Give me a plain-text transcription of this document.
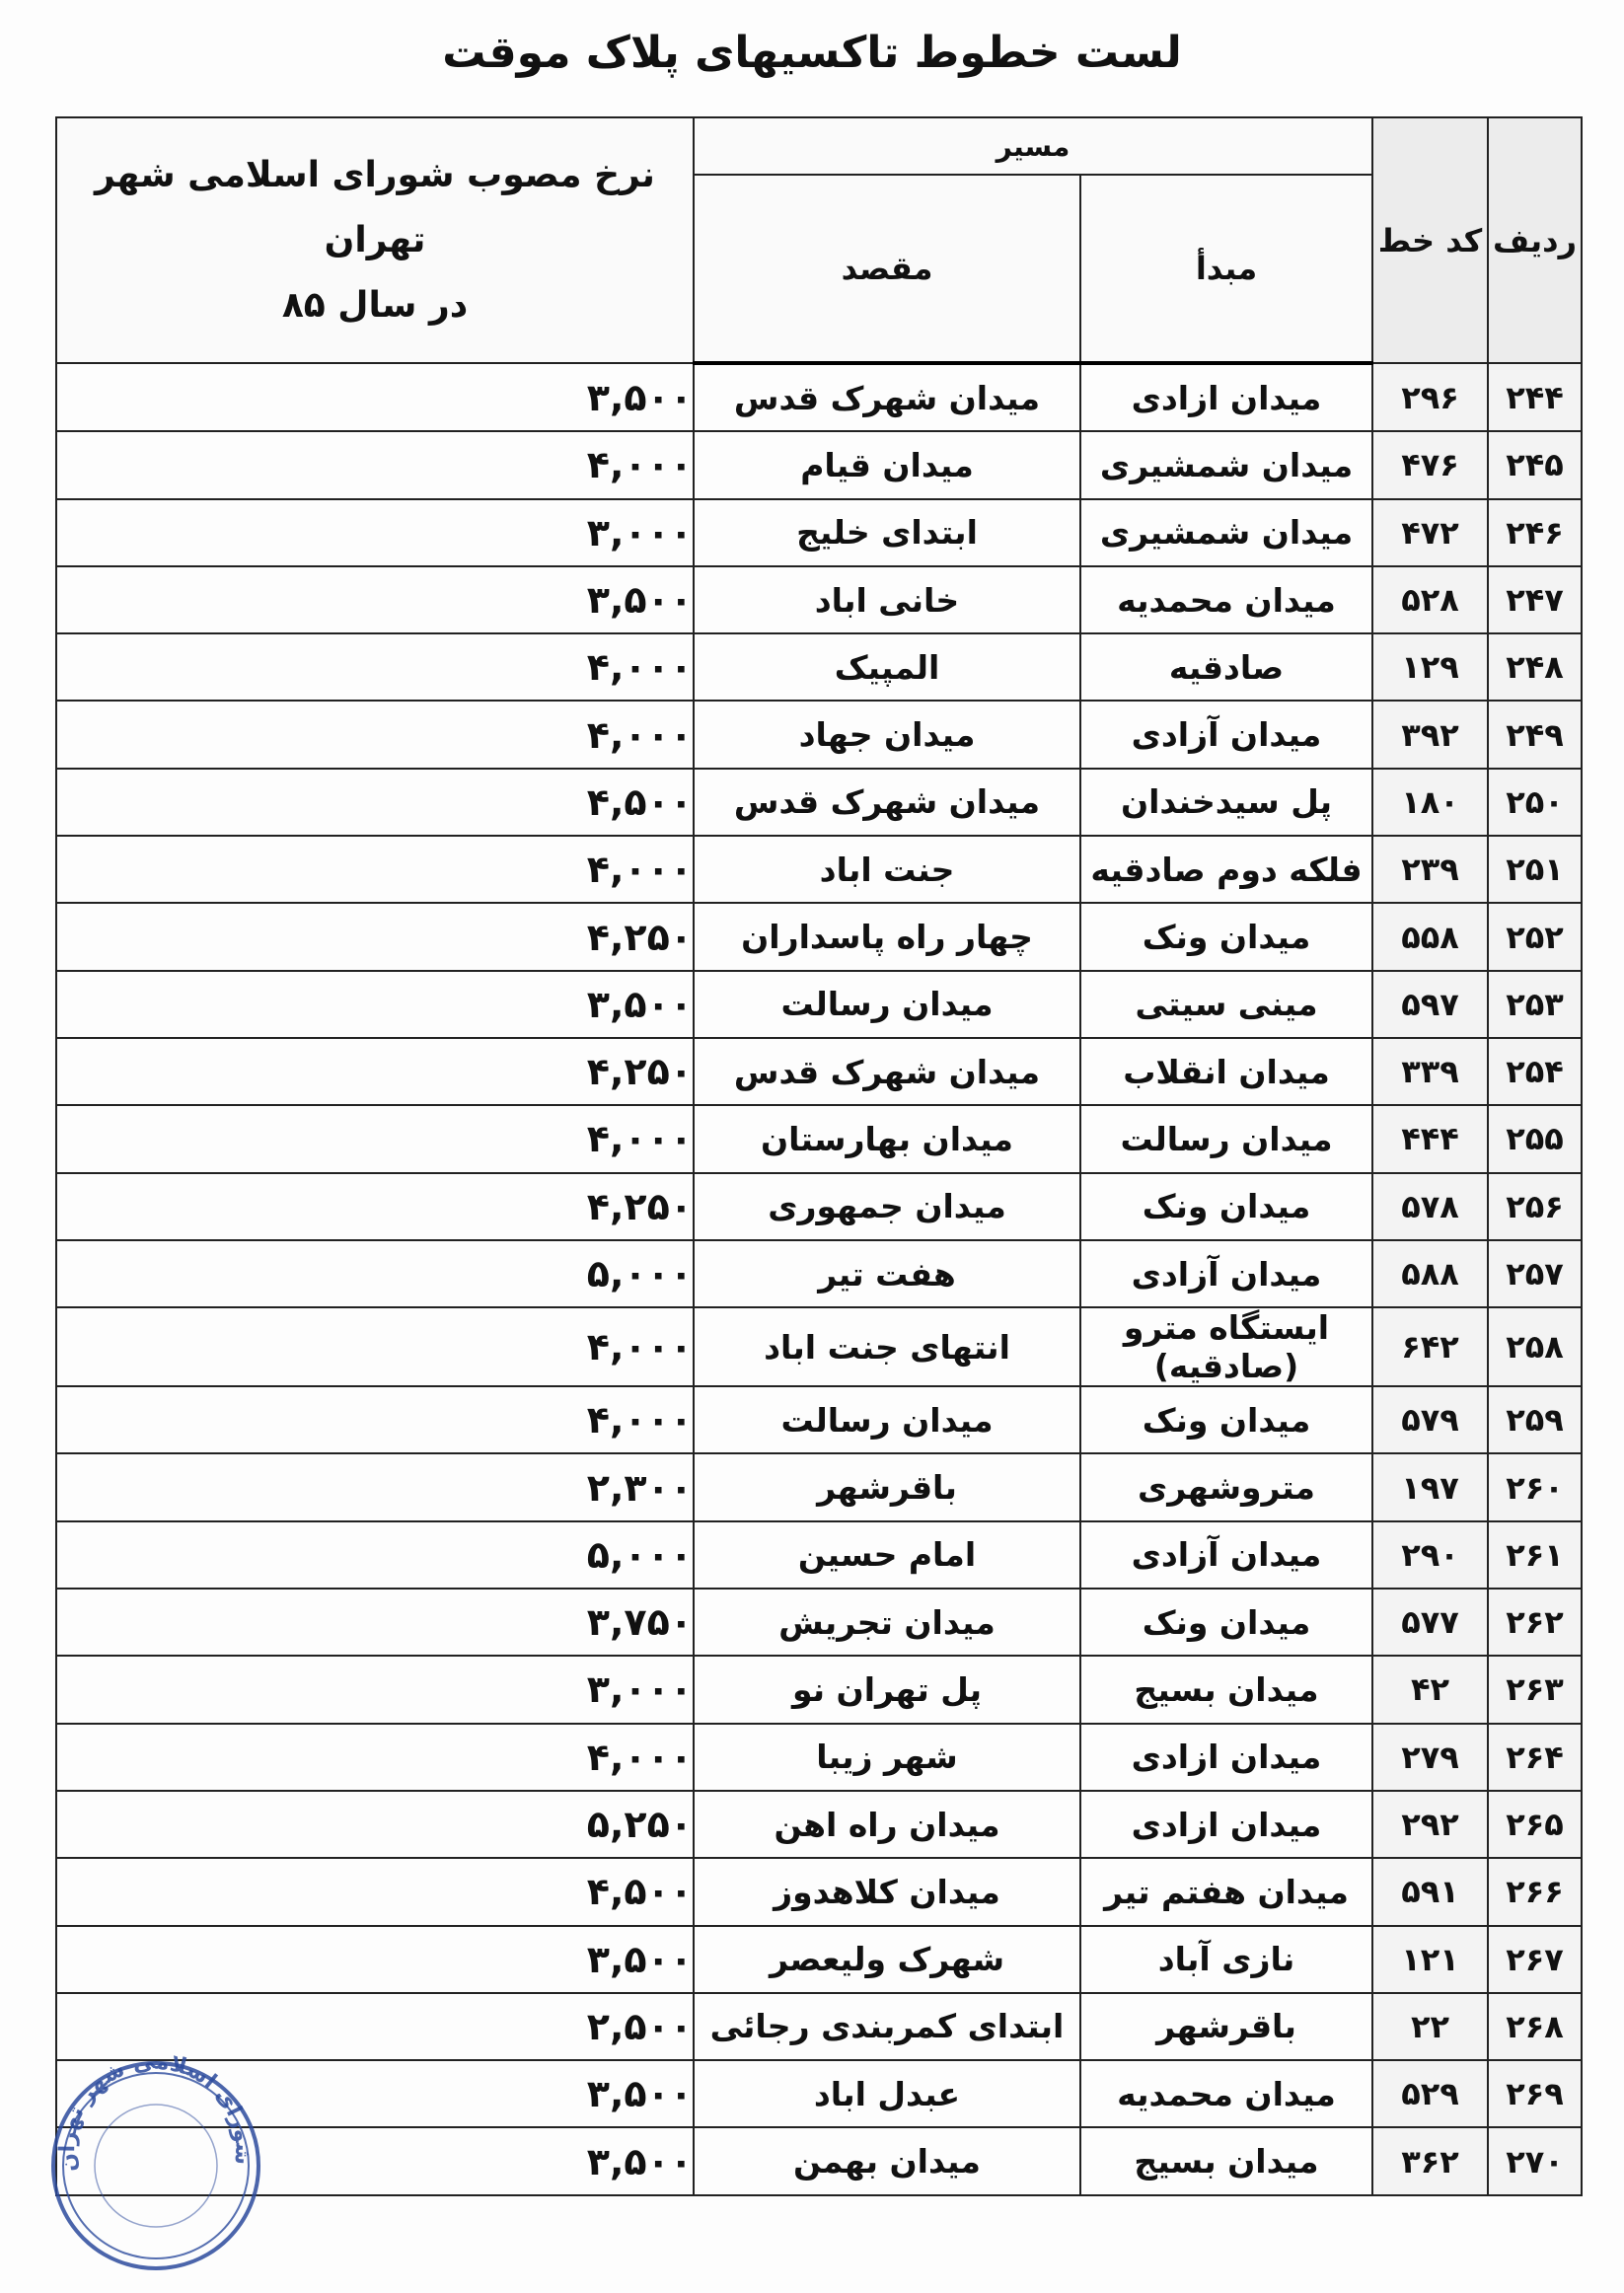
لست خطوط تاکسیهای پلاک موقت
ردیف	کد خط	مسیر		نرخ مصوب شورای اسلامی شهر تهران
در سال ۸۵

		مبدأ	مقصد	
۲۴۴	۲۹۶	میدان ازادی	میدان شهرک قدس	۳,۵۰۰
۲۴۵	۴۷۶	میدان شمشیری	میدان قیام	۴,۰۰۰
۲۴۶	۴۷۲	میدان شمشیری	ابتدای خلیج	۳,۰۰۰
۲۴۷	۵۲۸	میدان محمدیه	خانی اباد	۳,۵۰۰
۲۴۸	۱۲۹	صادقیه	المپیک	۴,۰۰۰
۲۴۹	۳۹۲	میدان آزادی	میدان جهاد	۴,۰۰۰
۲۵۰	۱۸۰	پل سیدخندان	میدان شهرک قدس	۴,۵۰۰
۲۵۱	۲۳۹	فلکه دوم صادقیه	جنت اباد	۴,۰۰۰
۲۵۲	۵۵۸	میدان ونک	چهار راه پاسداران	۴,۲۵۰
۲۵۳	۵۹۷	مینی سیتی	میدان رسالت	۳,۵۰۰
۲۵۴	۳۳۹	میدان انقلاب	میدان شهرک قدس	۴,۲۵۰
۲۵۵	۴۴۴	میدان رسالت	میدان بهارستان	۴,۰۰۰
۲۵۶	۵۷۸	میدان ونک	میدان جمهوری	۴,۲۵۰
۲۵۷	۵۸۸	میدان آزادی	هفت تیر	۵,۰۰۰
۲۵۸	۶۴۲	ایستگاه مترو (صادقیه)	انتهای جنت اباد	۴,۰۰۰
۲۵۹	۵۷۹	میدان ونک	میدان رسالت	۴,۰۰۰
۲۶۰	۱۹۷	متروشهری	باقرشهر	۲,۳۰۰
۲۶۱	۲۹۰	میدان آزادی	امام حسین	۵,۰۰۰
۲۶۲	۵۷۷	میدان ونک	میدان تجریش	۳,۷۵۰
۲۶۳	۴۲	میدان بسیج	پل تهران نو	۳,۰۰۰
۲۶۴	۲۷۹	میدان ازادی	شهر زیبا	۴,۰۰۰
۲۶۵	۲۹۲	میدان ازادی	میدان راه اهن	۵,۲۵۰
۲۶۶	۵۹۱	میدان هفتم تیر	میدان کلاهدوز	۴,۵۰۰
۲۶۷	۱۲۱	نازی آباد	شهرک ولیعصر	۳,۵۰۰
۲۶۸	۲۲	باقرشهر	ابتدای کمربندی رجائی	۲,۵۰۰
۲۶۹	۵۲۹	میدان محمدیه	عبدل اباد	۳,۵۰۰
۲۷۰	۳۶۲	میدان بسیج	میدان بهمن	۳,۵۰۰
شورای اسلامی شهر تهران
